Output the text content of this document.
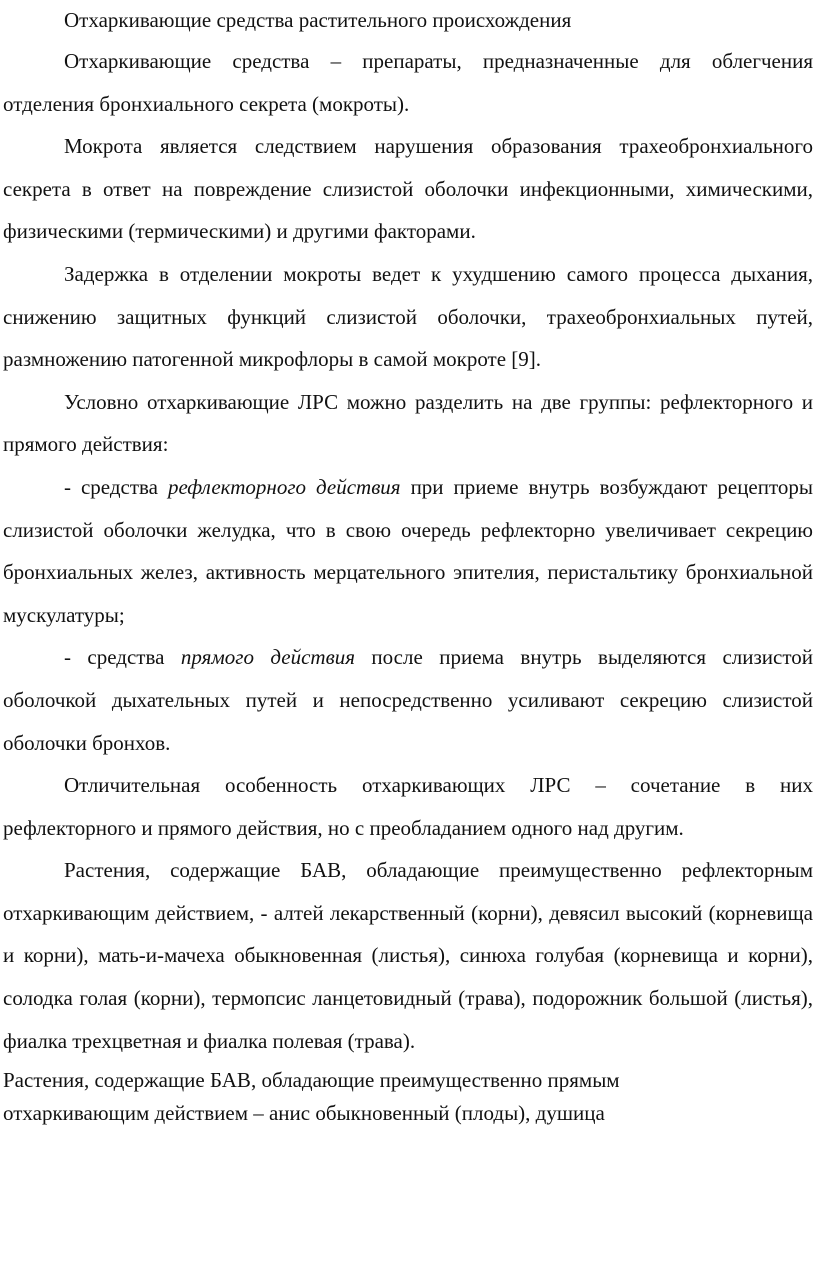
Отхаркивающие средства растительного происхождения

Отхаркивающие средства – препараты, предназначенные для облегчения отделения бронхиального секрета (мокроты).

Мокрота является следствием нарушения образования трахеобронхиального секрета в ответ на повреждение слизистой оболочки инфекционными, химическими, физическими (термическими) и другими факторами.

Задержка в отделении мокроты ведет к ухудшению самого процесса дыхания, снижению защитных функций слизистой оболочки, трахеобронхиальных путей, размножению патогенной микрофлоры в самой мокроте [9].

Условно отхаркивающие ЛРС можно разделить на две группы: рефлекторного и прямого действия:

- средства рефлекторного действия при приеме внутрь возбуждают рецепторы слизистой оболочки желудка, что в свою очередь рефлекторно увеличивает секрецию бронхиальных желез, активность мерцательного эпителия, перистальтику бронхиальной мускулатуры;

- средства прямого действия после приема внутрь выделяются слизистой оболочкой дыхательных путей и непосредственно усиливают секрецию слизистой оболочки бронхов.

Отличительная особенность отхаркивающих ЛРС – сочетание в них рефлекторного и прямого действия, но с преобладанием одного над другим.

Растения, содержащие БАВ, обладающие преимущественно рефлекторным отхаркивающим действием, - алтей лекарственный (корни), девясил высокий (корневища и корни), мать-и-мачеха обыкновенная (листья), синюха голубая (корневища и корни), солодка голая (корни), термопсис ланцетовидный (трава), подорожник большой (листья), фиалка трехцветная и фиалка полевая (трава).

Растения, содержащие БАВ, обладающие преимущественно прямым
отхаркивающим действием – анис обыкновенный (плоды), душица
